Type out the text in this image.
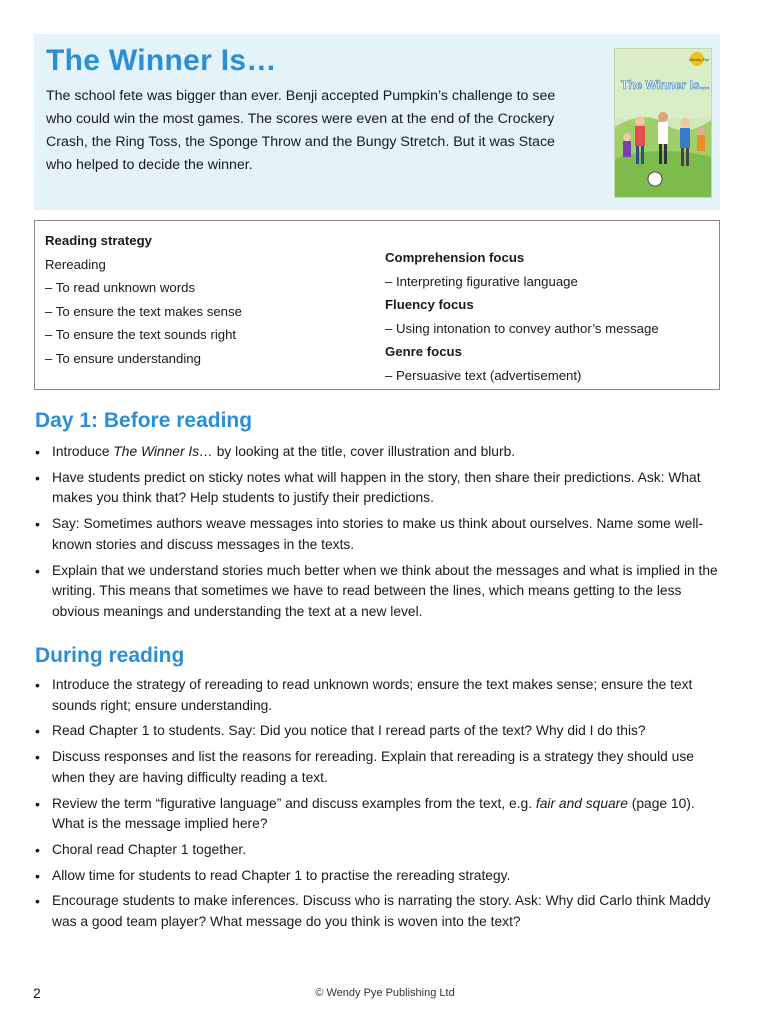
The Winner Is…
The school fete was bigger than ever. Benji accepted Pumpkin’s challenge to see who could win the most games. The scores were even at the end of the Crockery Crash, the Ring Toss, the Sponge Throw and the Bungy Stretch. But it was Stace who helped to decide the winner.
Wendy Pye
The Winner Is...
Reading strategy
Rereading
– To read unknown words
– To ensure the text makes sense
– To ensure the text sounds right
– To ensure understanding
Comprehension focus
– Interpreting figurative language
Fluency focus
– Using intonation to convey author’s message
Genre focus
– Persuasive text (advertisement)
Day 1: Before reading
• Introduce The Winner Is… by looking at the title, cover illustration and blurb.
• Have students predict on sticky notes what will happen in the story, then share their predictions. Ask: What makes you think that? Help students to justify their predictions.
• Say: Sometimes authors weave messages into stories to make us think about ourselves. Name some well-known stories and discuss messages in the texts.
• Explain that we understand stories much better when we think about the messages and what is implied in the writing. This means that sometimes we have to read between the lines, which means getting to the less obvious meanings and understanding the text at a new level.
During reading
• Introduce the strategy of rereading to read unknown words; ensure the text makes sense; ensure the text sounds right; ensure understanding.
• Read Chapter 1 to students. Say: Did you notice that I reread parts of the text? Why did I do this?
• Discuss responses and list the reasons for rereading. Explain that rereading is a strategy they should use when they are having difficulty reading a text.
• Review the term “figurative language” and discuss examples from the text, e.g. fair and square (page 10). What is the message implied here?
• Choral read Chapter 1 together.
• Allow time for students to read Chapter 1 to practise the rereading strategy.
• Encourage students to make inferences. Discuss who is narrating the story. Ask: Why did Carlo think Maddy was a good team player? What message do you think is woven into the text?
2	© Wendy Pye Publishing Ltd
